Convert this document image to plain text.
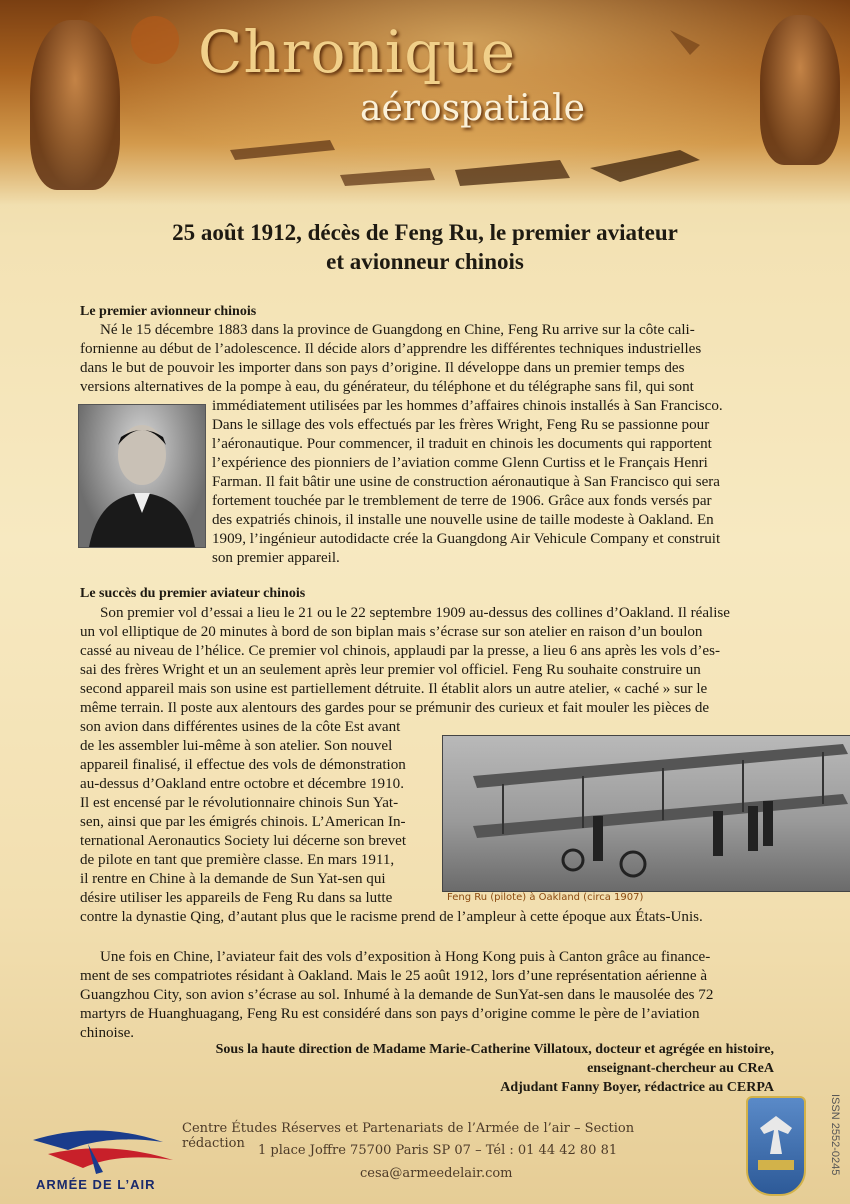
Chronique
aérospatiale
25 août 1912, décès de Feng Ru, le premier aviateur
et avionneur chinois
Le premier avionneur chinois
Né le 15 décembre 1883 dans la province de Guangdong en Chine, Feng Ru arrive sur la côte cali-
fornienne au début de l’adolescence. Il décide alors d’apprendre les différentes techniques industrielles
dans le but de pouvoir les importer dans son pays d’origine. Il développe dans un premier temps des
versions alternatives de la pompe à eau, du générateur, du téléphone et du télégraphe sans fil, qui sont
immédiatement utilisées par les hommes d’affaires chinois installés à San Francisco.
Dans le sillage des vols effectués par les frères Wright, Feng Ru se passionne pour
l’aéronautique. Pour commencer, il traduit en chinois les documents qui rapportent
l’expérience des pionniers de l’aviation comme Glenn Curtiss et le Français Henri
Farman. Il fait bâtir une usine de construction aéronautique à San Francisco qui sera
fortement touchée par le tremblement de terre de 1906. Grâce aux fonds versés par
des expatriés chinois, il installe une nouvelle usine de taille modeste à Oakland. En
1909, l’ingénieur autodidacte crée la Guangdong Air Vehicule Company et construit
son premier appareil.
Le succès du premier aviateur chinois
Son premier vol d’essai a lieu le 21 ou le 22 septembre 1909 au-dessus des collines d’Oakland. Il réalise
un vol elliptique de 20 minutes à bord de son biplan mais s’écrase sur son atelier en raison d’un boulon
cassé au niveau de l’hélice. Ce premier vol chinois, applaudi par la presse, a lieu 6 ans après les vols d’es-
sai des frères Wright et un an seulement après leur premier vol officiel. Feng Ru souhaite construire un
second appareil mais son usine est partiellement détruite. Il établit alors un autre atelier, « caché » sur le
même terrain. Il poste aux alentours des gardes pour se prémunir des curieux et fait mouler les pièces de
son avion dans différentes usines de la côte Est avant
de les assembler lui-même à son atelier. Son nouvel
appareil finalisé, il effectue des vols de démonstration
au-dessus d’Oakland entre octobre et décembre 1910.
Il est encensé par le révolutionnaire chinois Sun Yat-
sen, ainsi que par les émigrés chinois. L’American In-
ternational Aeronautics Society lui décerne son brevet
de pilote en tant que première classe. En mars 1911,
il rentre en Chine à la demande de Sun Yat-sen qui
désire utiliser les appareils de Feng Ru dans sa lutte	Feng Ru (pilote) à Oakland (circa 1907)
contre la dynastie Qing, d’autant plus que le racisme prend de l’ampleur à cette époque aux États-Unis.
Une fois en Chine, l’aviateur fait des vols d’exposition à Hong Kong puis à Canton grâce au finance-
ment de ses compatriotes résidant à Oakland. Mais le 25 août 1912, lors d’une représentation aérienne à
Guangzhou City, son avion s’écrase au sol. Inhumé à la demande de SunYat-sen dans le mausolée des 72
martyrs de Huanghuagang, Feng Ru est considéré dans son pays d’origine comme le père de l’aviation
chinoise.
Sous la haute direction de Madame Marie-Catherine Villatoux, docteur et agrégée en histoire,
enseignant-chercheur au CReA
Adjudant Fanny Boyer, rédactrice au CERPA
ARMÉE DE L’AIR
Centre Études Réserves et Partenariats de l’Armée de l’air – Section rédaction	1 place Joffre 75700 Paris SP 07 – Tél : 01 44 42 80 81
cesa@armeedelair.com	ISSN 2552-0245
